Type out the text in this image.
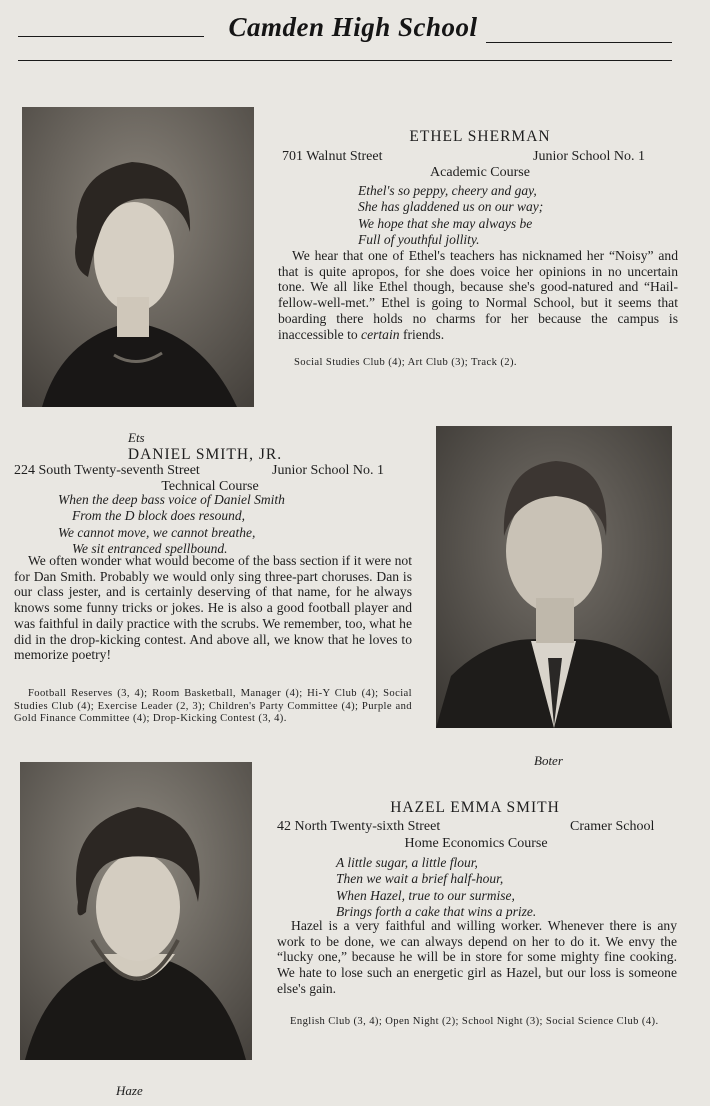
Camden High School
ETHEL SHERMAN
701 Walnut Street	Junior School No. 1
Academic Course
Ethel's so peppy, cheery and gay,
She has gladdened us on our way;
We hope that she may always be
Full of youthful jollity.
We hear that one of Ethel's teachers has nicknamed her “Noisy” and that is quite apropos, for she does voice her opinions in no uncertain tone. We all like Ethel though, because she's good-natured and “Hail-fellow-well-met.” Ethel is going to Normal School, but it seems that boarding there holds no charms for her because the campus is inaccessible to certain friends.
Social Studies Club (4); Art Club (3); Track (2).
Ets
DANIEL SMITH, JR.
224 South Twenty-seventh Street	Junior School No. 1
Technical Course
When the deep bass voice of Daniel Smith
From the D block does resound,
We cannot move, we cannot breathe,
We sit entranced spellbound.
We often wonder what would become of the bass section if it were not for Dan Smith. Probably we would only sing three-part choruses. Dan is our class jester, and is certainly deserving of that name, for he always knows some funny tricks or jokes. He is also a good football player and was faithful in daily practice with the scrubs. We remember, too, what he did in the drop-kicking contest. And above all, we know that he loves to memorize poetry!
Football Reserves (3, 4); Room Basketball, Manager (4); Hi-Y Club (4); Social Studies Club (4); Exercise Leader (2, 3); Children's Party Committee (4); Purple and Gold Finance Committee (4); Drop-Kicking Contest (3, 4).
Boter
Haze
HAZEL EMMA SMITH
42 North Twenty-sixth Street	Cramer School
Home Economics Course
A little sugar, a little flour,
Then we wait a brief half-hour,
When Hazel, true to our surmise,
Brings forth a cake that wins a prize.
Hazel is a very faithful and willing worker. Whenever there is any work to be done, we can always depend on her to do it. We envy the “lucky one,” because he will be in store for some mighty fine cooking. We hate to lose such an energetic girl as Hazel, but our loss is someone else's gain.
English Club (3, 4); Open Night (2); School Night (3); Social Science Club (4).
